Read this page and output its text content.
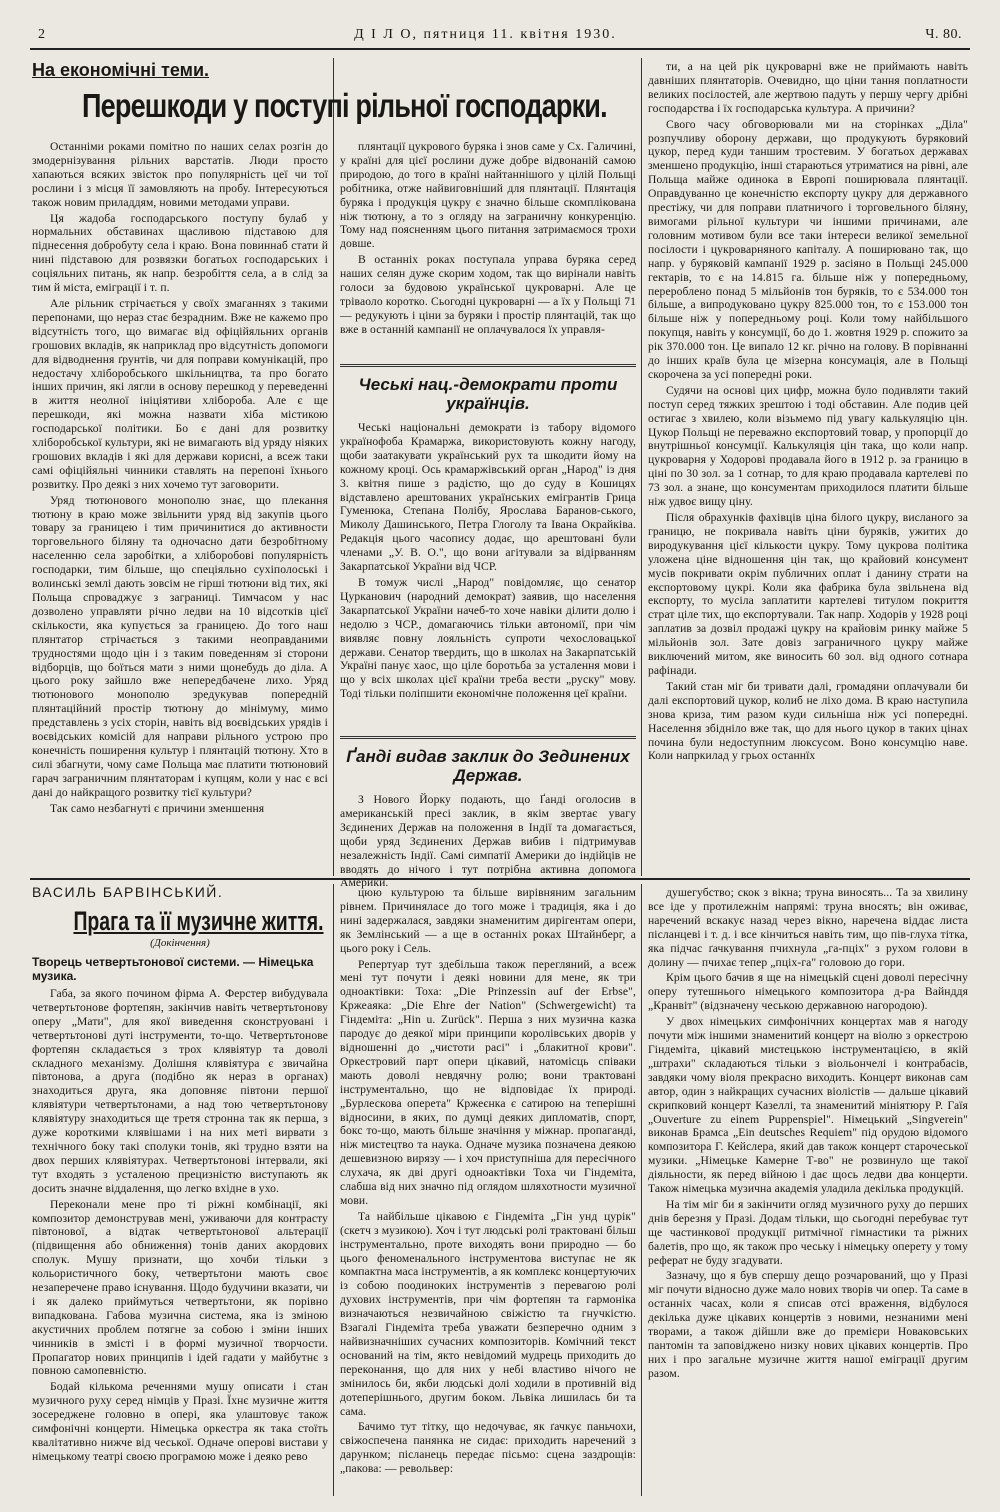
2	Д І Л О, пятниця 11. квітня 1930.	Ч. 80.
На економічні теми.
Перешкоди у поступі рільної господарки.

Останніми роками помітно по наших селах розгін до змодернізування рільних варстатів. Люди просто хапаються всяких звісток про популярність цеї чи тої рослини і з місця її замовляють на пробу. Інтересуються також новим приладдям, новими методами управи.

Ця жадоба господарського поступу булаб у нормальних обставинах щасливою підставою для піднесення добробуту села і краю. Вона повиннаб стати й нині підставою для розвязки богатьох господарських і соціяльних питань, як напр. безробіття села, а в слід за тим й міста, еміграції і т. п.

Але рільник стрічається у своїх змаганнях з такими перепонами, що нераз стає безрадним. Вже не кажемо про відсутність того, що вимагає від офіційяльних органів грошових вкладів, як наприклад про відсутність допомоги для відводнення ґрунтів, чи для поправи комунікацій, про недостачу хліборобського шкільництва, та про богато інших причин, які лягли в основу перешкод у переведенні в життя неолної ініціятиви хлібороба. Але є ще перешкоди, які можна назвати хіба містикою господарської політики. Бо є дані для розвитку хліборобської культури, які не вимагають від уряду ніяких грошових вкладів і які для держави корисні, а всеж таки самі офіційяльні чинники ставлять на перепоні їхнього розвитку. Про деякі з них хочемо тут заговорити.

Уряд тютюнового монополю знає, що плекання тютюну в краю може звільнити уряд від закупів цього товару за границею і тим причинитися до активности торговельного біляну та одночасно дати безробітному населенню села заробітки, а хліборобові популярність господарки, тим більше, що спеціяльно сухіполоські і волинські землі дають зовсім не гірші тютюни від тих, які Польща спроваджує з заграниці. Тимчасом у нас дозволено управляти річно ледви на 10 відсотків цієї скількости, яка купується за границею. До того наш плянтатор стрічається з такими неоправданими трудностями щодо цін і з таким поведенням зі сторони відборців, що боїться мати з ними щонебудь до діла. А цього року зайшло вже непередбачене лихо. Уряд тютюнового монополю зредукував попередній плянтаційний простір тютюну до мінімуму, мимо представлень з усіх сторін, навіть від воєвідських урядів і воєвідських комісій для направи рільного устрою про конечність поширення культур і плянтацій тютюну. Хто в силі збагнути, чому саме Польща має платити тютюновий гарач заграничним плянтаторам і купцям, коли у нас є всі дані до найкращого розвитку тієї культури?

Так само незбагнуті є причини зменшення

плянтації цукрового буряка і знов саме у Сх. Галичині, у країні для цієї рослини дуже добре відвонаній самою природою, до того в країні найтаннішого у цілій Польщі робітника, отже найвиговніший для плянтації. Плянтація буряка і продукція цукру є значно більше скомплікована ніж тютюну, а то з огляду на заграничну конкуренцію. Тому над поясненням цього питання затримаємося трохи довше.

В останніх роках поступала управа буряка серед наших селян дуже скорим ходом, так що вирінали навіть голоси за будовою української цукроварні. Але це тріваоло коротко. Сьогодні цукроварні — а їх у Польщі 71 — редукують і ціни за буряки і простір плянтацій, так що вже в останній кампанії не оплачувалося їх управля-

Чеські нац.-демократи проти українців.

Чеські національні демократи із табору відомого українофоба Крамаржа, використовують кожну нагоду, щоби заатакувати український рух та шкодити йому на кожному кроці. Ось крамаржівський орган „Народ" із дня 3. квітня пише з радістю, що до суду в Кошицях відставлено арештованих українських емігрантів Грица Гуменюка, Степана Полібу, Ярослава Баранов-ського, Миколу Дашинського, Петра Глоголу та Івана Окрайківа. Редакція цього часопису додає, що арештовані були членами „У. В. О.", що вони агітували за відірванням Закарпатської України від ЧСР.

В томуж числі „Народ" повідомляє, що сенатор Цурканович (народний демократ) заявив, що населення Закарпатської України начеб-то хоче навіки ділити долю і недолю з ЧСР., домагаючись тільки автономії, при чім виявляє повну лояльність супроти чехословацької держави. Сенатор твердить, що в школах на Закарпатській Україні панує хаос, що ціле боротьба за усталення мови і що у всіх школах цієї країни треба вести „руску" мову. Тоді тільки поліпшити економічне положення цеї країни.

Ґанді видав заклик до Зединених Держав.

З Нового Йорку подають, що Ґанді оголосив в американській пресі заклик, в якім звертає увагу Зєдинених Держав на положення в Індії та домагається, щоби уряд Зєдинених Держав вибив і підтримував незалежність Індії. Самі симпатії Америки до індійців не вводять до нічого і тут потрібна активна допомога Америки.

ти, а на цей рік цукроварні вже не приймають навіть давніших плянтаторів. Очевидно, що ціни тання поплатности великих посілостей, але жертвою падуть у першу чергу дрібні господарства і їх господарська культура. А причини?

Свого часу обговорювали ми на сторінках „Діла" розпучливу оборону держави, що продукують буряковий цукор, перед куди таншим тростевим. У богатьох державах зменшено продукцію, інші стараються утриматися на рівні, але Польща майже одинока в Европі поширювала плянтації. Оправдуванно це конечністю експорту цукру для державного престіжу, чи для поправи платничого і торговельного біляну, вимогами рільної культури чи іншими причинами, але головним мотивом були все таки інтереси великої земельної посілости і цукроварняного капіталу. А поширювано так, що напр. у буряковій кампанії 1929 р. засіяно в Польщі 245.000 гектарів, то є на 14.815 га. більше ніж у попередньому, перероблено понад 5 мільйонів тон буряків, то є 534.000 тон більше, а випродуковано цукру 825.000 тон, то є 153.000 тон більше ніж у попередньому році. Коли тому найбільшого покупця, навіть у консумції, бо до 1. жовтня 1929 р. спожито за рік 370.000 тон. Це випало 12 кг. річно на голову. В порівнанні до інших країв була це мізерна консумація, але в Польщі скорочена за усі попередні роки.

Судячи на основі цих цифр, можна було подивляти такий поступ серед тяжких зрештою і тоді обставин. Але подив цей остигає з хвилею, коли візьмемо під увагу калькуляцію цін. Цукор Польщі не переважно експортовий товар, у пропорції до внутрішньої консумції. Калькуляція цін така, що коли напр. цукроварня у Ходорові продавала його в 1912 р. за границю в ціні по 30 зол. за 1 сотнар, то для краю продавала картелеві по 73 зол. а знане, що консументам приходилося платити більше ніж удвоє вищу ціну.

Після обрахунків фахівців ціна білого цукру, висланого за границю, не покривала навіть ціни буряків, ужитих до виродукування цієї кількости цукру. Тому цукрова політика уложена ціне відношення цін так, що крайовий консумент мусів покривати окрім публичних оплат і данину страти на експортовому цукрі. Коли яка фабрика була звільнена від експорту, то мусіла заплатити картелеві титулом покриття страт ціле тих, що експортували. Так напр. Ходорів у 1928 році заплатив за дозвіл продажі цукру на крайовім ринку майже 5 мільйонів зол. Зате довіз заграничного цукру майже виключений митом, яке виносить 60 зол. від одного сотнара рафінади.

Такий стан міг би тривати далі, громадяни оплачували би далі експортовий цукор, колиб не ліхо дома. В краю наступила знова криза, тим разом куди сильніша ніж усі попередні. Населення збідніло вже так, що для нього цукор в таких цінах почина були недоступним люксусом. Воно консумцію наве. Коли напркилад у грьох останнїх

ВАСИЛЬ БАРВІНСЬКИЙ.
Прага та її музичне життя.
(Докінчення)
Творець четвертьтонової системи. — Німецька музика.

Габа, за якого почином фірма А. Ферстер вибудувала четвертьтонове фортепян, закінчив навіть четвертьтонову оперу „Мати", для якої виведення сконструовані і четвертьтонові дуті інструменти, то-що. Четвертьтонове фортепян складається з трох клявіятур та доволі складного механізму. Долішня клявіятура є звичайна півтонова, а друга (подібно як нераз в органах) знаходиться друга, яка доповняє півтони першої клявіятури четвертьтонами, а над тою четвертьтонову клявіятуру знаходиться ще третя стронна так як перша, з дуже короткими клявішами і на них меті вирвати з технічного боку такі сполуки тонів, які трудно взяти на двох перших клявіятурах. Четвертьтонові інтервали, які тут входять з усталеною прецизністю виступають як досить значне віддалення, що легко вхідне в ухо.

Переконали мене про ті ріжні комбінації, які композитор демонстрував мені, уживаючи для контрасту півтонової, а відтак четвертьтонової альтерації (підвищення або обниження) тонів даних акордових сполук. Мушу признати, що хочби тільки з кольористичного боку, четвертьтони мають своє незаперечене право існування. Щодо будучини вказати, чи і як далеко приймуться четвертьтони, як порівно випадкована. Габова музична система, яка із зміною акустичних проблем потягне за собою і зміни інших чинників в змісті і в формі музичної творчости. Пропагатор нових принципів і ідей гадати у майбутнє з повною самопевністю.

Бодай кількома реченнями мушу описати і стан музичного руху серед німців у Празі. Їхнє музичне життя зосереджене головно в опері, яка улаштовує також симфонічні концерти. Німецька оркестра як така стоїть квалітативно нижче від чеської. Одначе оперові вистави у німецькому театрі своєю програмою може і деяко рево

цюю культурою та більше вирівняним загальним рівнем. Причиняласе до того може і традиція, яка і до нині задержалася, завдяки знаменитим дирігентам опери, як Землінський — а ще в останніх роках Штайнберг, а цього року і Сель.

Репертуар тут здебільша також перегляний, а всеж мені тут почути і деякі новини для мене, як три одноактівки: Тоха: „Die Prinzessin auf der Erbse", Кржеаяка: „Die Ehre der Nation" (Schwergewicht) та Гіндеміта: „Hin u. Zurück". Перша з них музична казка пародує до деякої міри принципи королівських дворів у відношенні до „чистоти расі" і „блакитної крови". Оркестровий парт опери цікавий, натомісць співаки мають доволі невдячну ролю; вони трактовані інструментально, що не відповідає їх природі. „Бурлескова оперета" Кржеєнка є сатирою на теперішні відносини, в яких, по думці деяких дипломатів, спорт, бокс то-що, мають більше значіння у міжнар. пропаганді, ніж мистецтво та наука. Одначе музика позначена деякою дешевизною вирязу — і хоч приступніша для пересічного слухача, як дві другі одноактівки Тоха чи Гіндеміта, слабша від них значно під оглядом шляхотности музичної мови.

Та найбільше цікавою є Гіндеміта „Гін унд цурік" (скетч з музикою). Хоч і тут людські ролі трактовані більш інструментально, проте виходять вони природно — бо цього феноменального інструментова виступає не як компактна маса інструментів, а як комплекс концертуючих із собою поодиноких інструментів з перевагою ролі духових інструментів, при чім фортепян та гармоніка визначаються незвичайною свіжістю та гнучкістю. Взагалі Гіндеміта треба уважати безперечно одним з найвизначніших сучасних композиторів. Комічний текст оснований на тім, якто невідомий мудрець приходить до переконання, що для них у небі властиво нічого не змінилось би, якби людські долі ходили в противній від дотеперішнього, другим боком. Львіка лишилась би та сама.

Бачимо тут тітку, що недочуває, як ґачкує паньчохи, свіжоспечена панянка не сидає: приходить наречений з дарунком; післанець передає пісьмо: сцена заздрощів: „пакова: — револьвер:

душегубство; скок з вікна; труна виносять... Та за хвилину все іде у протилежнім напрямі: труна вносять; він оживає, наречений вскакує назад через вікно, наречена віддає листа післанцеві і т. д. і все кінчиться навіть тим, що пів-глуха тітка, яка підчас ґачкування пчихнула „га-пціх" з рухом голови в долину — пчихає тепер „пціх-га" головою до гори.

Крім цього бачив я ще на німецькій сцені доволі пересічну оперу тутешнього німецького композитора д-ра Вайнддя „Кранвіт" (відзначену чеською державною нагородою).

У двох німецьких симфонічних концертах мав я нагоду почути між іншими знаменитий концерт на віолю з оркестрою Гіндеміта, цікавий мистецькою інструментацією, в якій „штрахи" складаються тільки з віольончелі і контрабасів, завдяки чому віоля прекрасно виходить. Концерт виконав сам автор, один з найкращих сучасних віолістів — дальше цікавий скрипковий концерт Казеллі, та знаменитий мініятюру Р. Гаїя „Ouverture zu einem Puppenspiel". Німецький „Singverein" виконав Брамса „Ein deutsches Requiem" під орудою відомого композитора Г. Кейслера, який дав також концерт старочеської музики. „Німецьке Камерне Т-во" не розвинуло ще такої діяльности, як перед війною і дає щось ледви два концерти. Також німецька музична академія уладила декілька продукцій.

На тім міг би я закінчити огляд музичного руху до перших днів березня у Празі. Додам тільки, що сьогодні перебуває тут ще частинкової продукції ритмічної гімнастики та ріжних балетів, про що, як також про чеську і німецьку оперету у тому реферат не буду згадувати.

Зазначу, що я був спершу дещо розчарований, що у Празі міг почути відносно дуже мало нових творів чи опер. Та саме в останніх часах, коли я списав отсі враження, відбулося декілька дуже цікавих концертів з новими, незнаними мені творами, а також дійшли вже до премієри Новаковських пантомін та заповіджено низку нових цікавих концертів. Про них і про загальне музичне життя нашої еміграції другим разом.
